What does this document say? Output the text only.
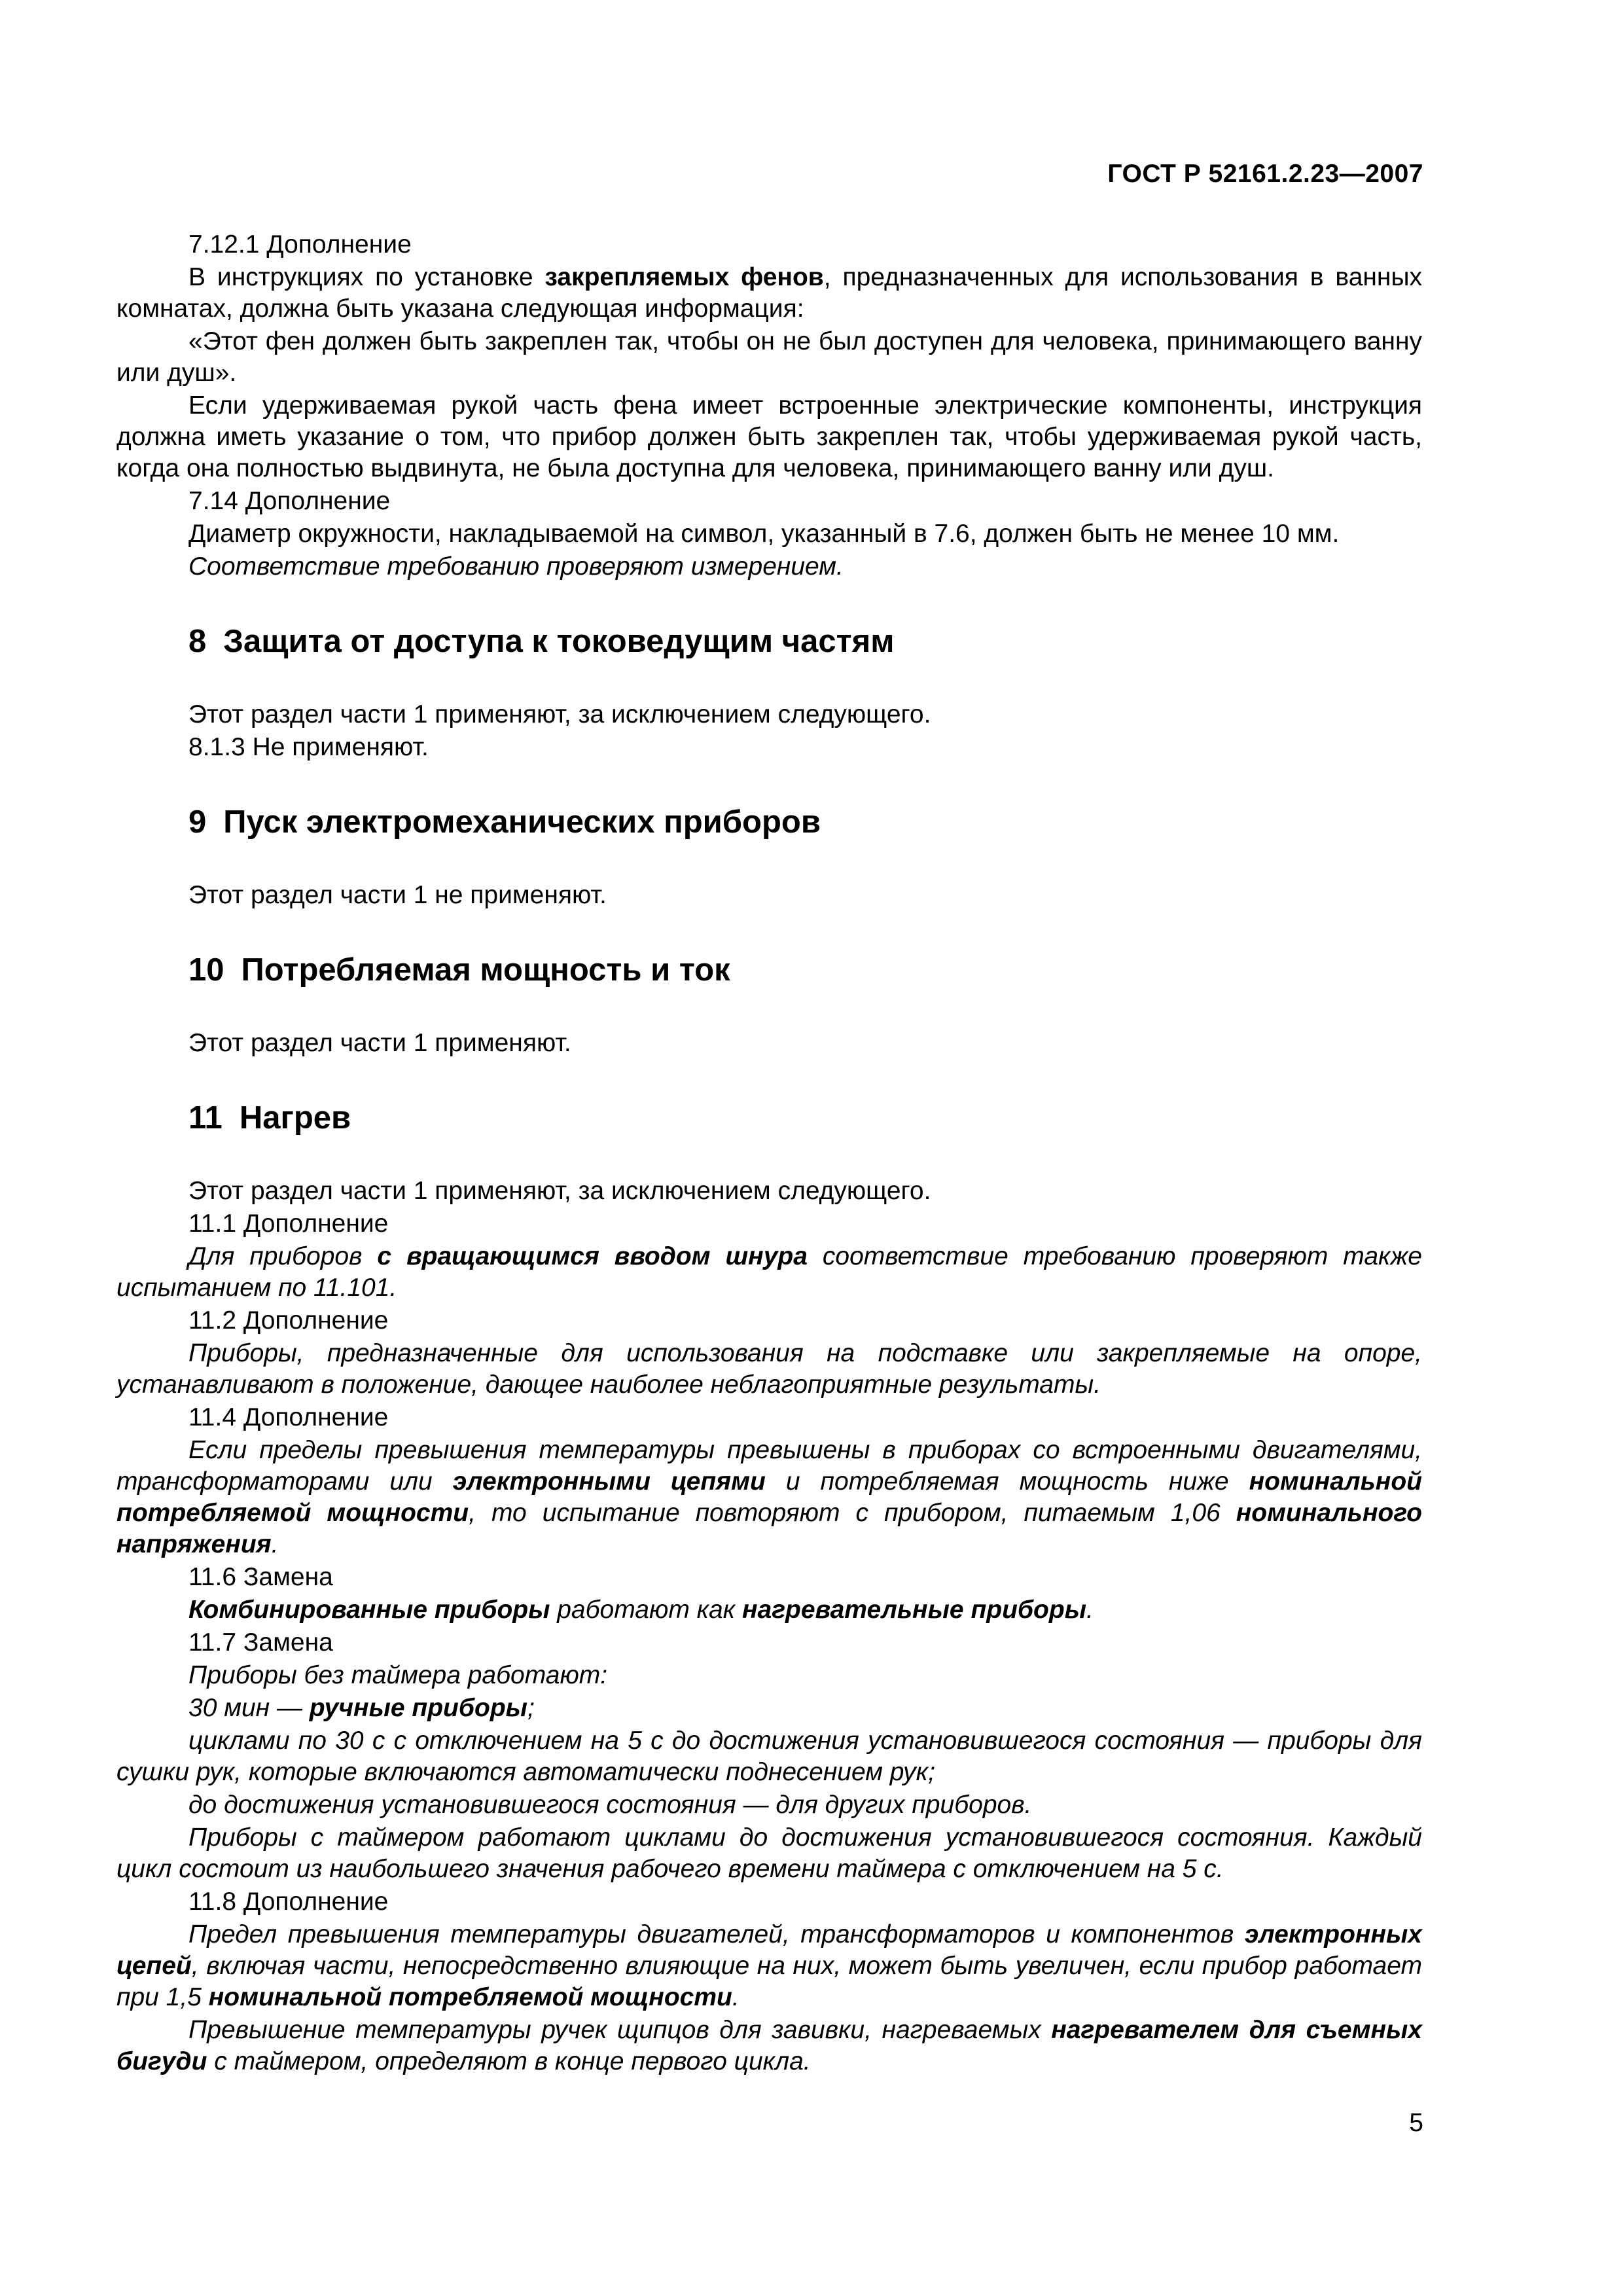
ГОСТ Р 52161.2.23—2007

7.12.1 Дополнение

В инструкциях по установке закрепляемых фенов, предназначенных для использования в ванных комнатах, должна быть указана следующая информация:

«Этот фен должен быть закреплен так, чтобы он не был доступен для человека, принимающего ванну или душ».

Если удерживаемая рукой часть фена имеет встроенные электрические компоненты, инструкция должна иметь указание о том, что прибор должен быть закреплен так, чтобы удерживаемая рукой часть, когда она полностью выдвинута, не была доступна для человека, принимающего ванну или душ.

7.14 Дополнение

Диаметр окружности, накладываемой на символ, указанный в 7.6, должен быть не менее 10 мм.

Соответствие требованию проверяют измерением.

8 Защита от доступа к токоведущим частям

Этот раздел части 1 применяют, за исключением следующего.

8.1.3 Не применяют.

9 Пуск электромеханических приборов

Этот раздел части 1 не применяют.

10 Потребляемая мощность и ток

Этот раздел части 1 применяют.

11 Нагрев

Этот раздел части 1 применяют, за исключением следующего.

11.1 Дополнение

Для приборов с вращающимся вводом шнура соответствие требованию проверяют также испытанием по 11.101.

11.2 Дополнение

Приборы, предназначенные для использования на подставке или закрепляемые на опоре, устанавливают в положение, дающее наиболее неблагоприятные результаты.

11.4 Дополнение

Если пределы превышения температуры превышены в приборах со встроенными двигателями, трансформаторами или электронными цепями и потребляемая мощность ниже номинальной потребляемой мощности, то испытание повторяют с прибором, питаемым 1,06 номинального напряжения.

11.6 Замена

Комбинированные приборы работают как нагревательные приборы.

11.7 Замена

Приборы без таймера работают:

30 мин — ручные приборы;

циклами по 30 с с отключением на 5 с до достижения установившегося состояния — приборы для сушки рук, которые включаются автоматически поднесением рук;

до достижения установившегося состояния — для других приборов.

Приборы с таймером работают циклами до достижения установившегося состояния. Каждый цикл состоит из наибольшего значения рабочего времени таймера с отключением на 5 с.

11.8 Дополнение

Предел превышения температуры двигателей, трансформаторов и компонентов электронных цепей, включая части, непосредственно влияющие на них, может быть увеличен, если прибор работает при 1,5 номинальной потребляемой мощности.

Превышение температуры ручек щипцов для завивки, нагреваемых нагревателем для съемных бигуди с таймером, определяют в конце первого цикла.

5
